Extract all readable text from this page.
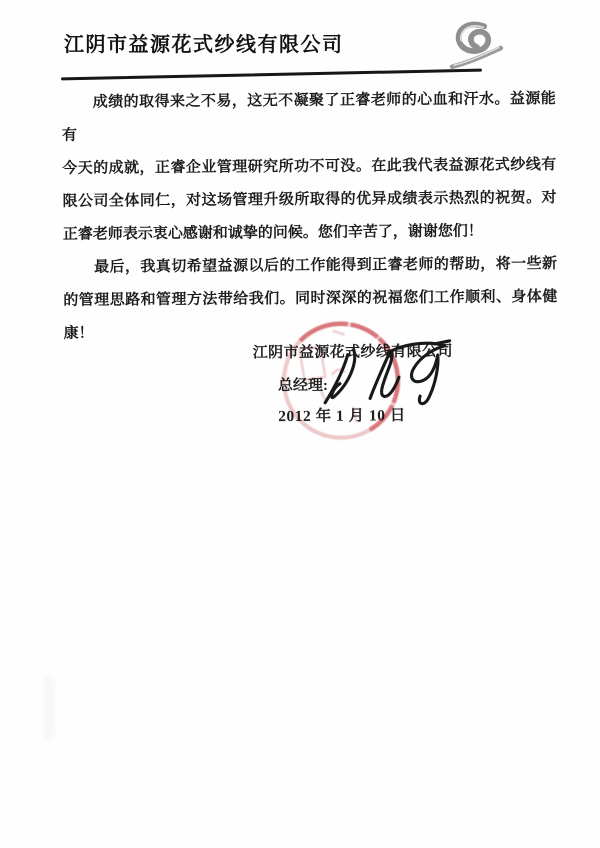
江阴市益源花式纱线有限公司
成绩的取得来之不易，这无不凝聚了正睿老师的心血和汗水。益源能有
今天的成就，正睿企业管理研究所功不可没。在此我代表益源花式纱线有
限公司全体同仁，对这场管理升级所取得的优异成绩表示热烈的祝贺。对
正睿老师表示衷心感谢和诚挚的问候。您们辛苦了，谢谢您们！
最后，我真切希望益源以后的工作能得到正睿老师的帮助，将一些新
的管理思路和管理方法带给我们。同时深深的祝福您们工作顺利、身体健
康！
江阴市益源花式纱线有限公司
总经理:
2012 年 1 月 10 日
